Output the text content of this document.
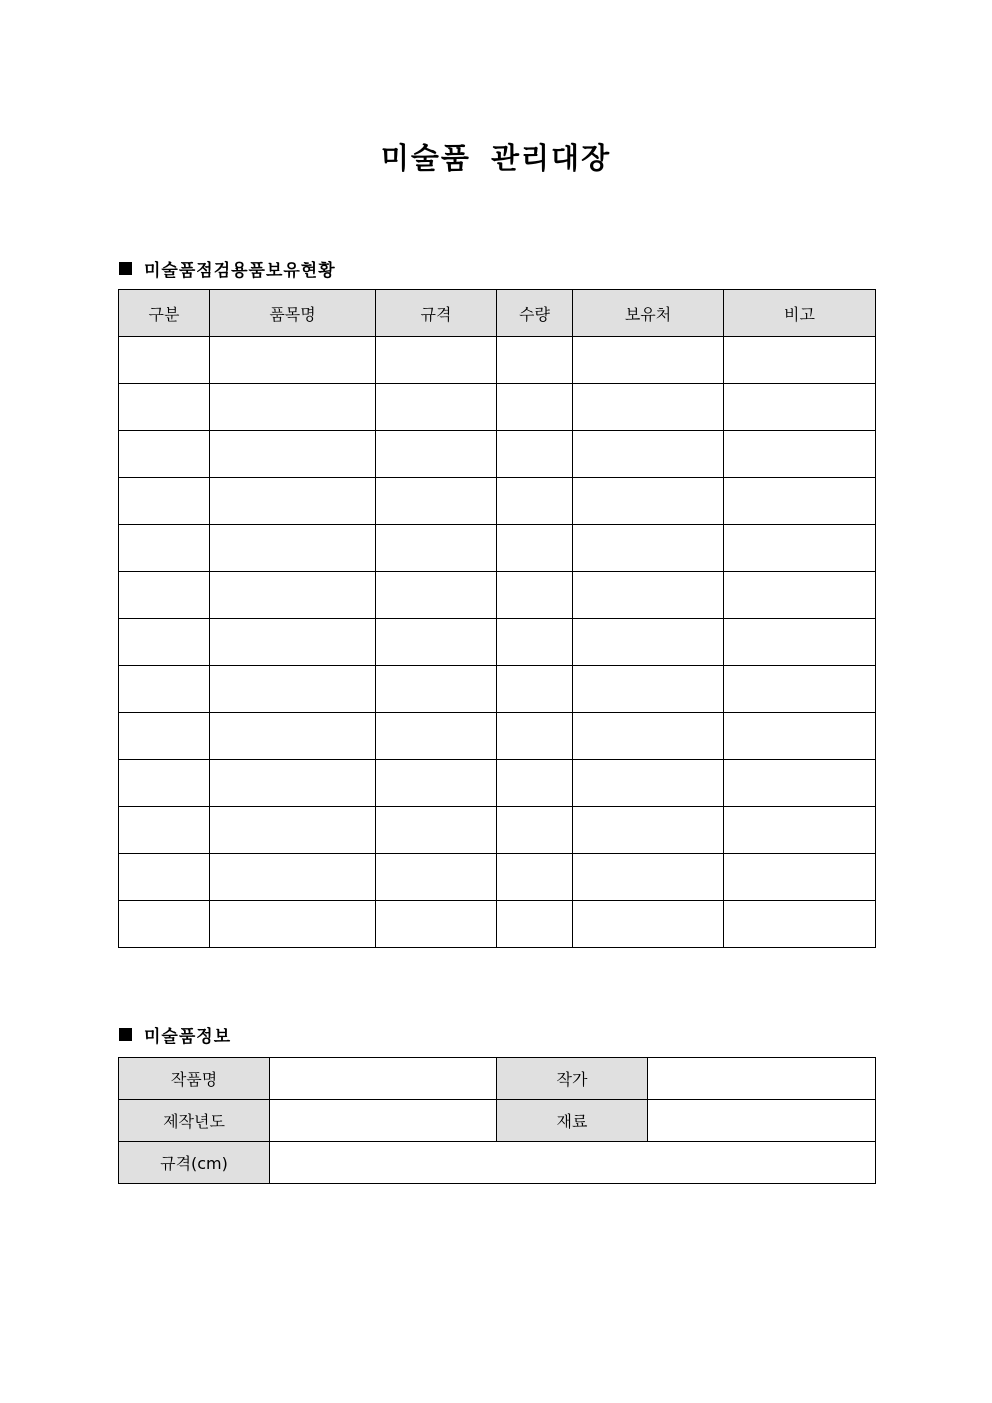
미술품 관리대장
미술품점검용품보유현황
구분	품목명	규격	수량	보유처	비고

미술품정보
작품명		작가	
제작년도		재료	
규격(cm)			
